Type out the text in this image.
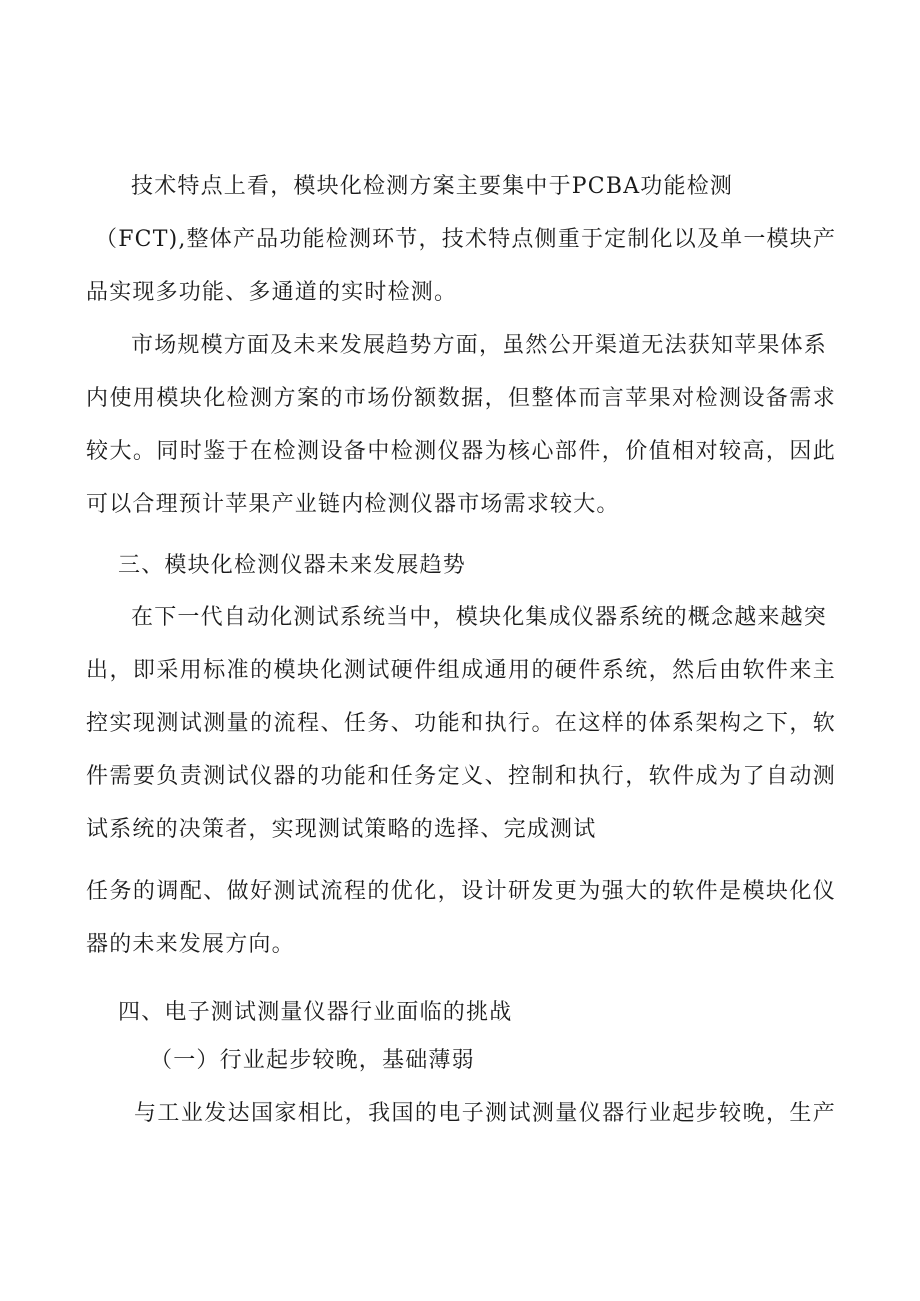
技术特点上看，模块化检测方案主要集中于PCBA功能检测
（FCT),整体产品功能检测环节，技术特点侧重于定制化以及单一模块产
品实现多功能、多通道的实时检测。
市场规模方面及未来发展趋势方面，虽然公开渠道无法获知苹果体系
内使用模块化检测方案的市场份额数据，但整体而言苹果对检测设备需求
较大。同时鉴于在检测设备中检测仪器为核心部件，价值相对较高，因此
可以合理预计苹果产业链内检测仪器市场需求较大。
三、模块化检测仪器未来发展趋势
在下一代自动化测试系统当中，模块化集成仪器系统的概念越来越突
出，即采用标准的模块化测试硬件组成通用的硬件系统，然后由软件来主
控实现测试测量的流程、任务、功能和执行。在这样的体系架构之下，软
件需要负责测试仪器的功能和任务定义、控制和执行，软件成为了自动测
试系统的决策者，实现测试策略的选择、完成测试
任务的调配、做好测试流程的优化，设计研发更为强大的软件是模块化仪
器的未来发展方向。
四、电子测试测量仪器行业面临的挑战
（一）行业起步较晚，基础薄弱
与工业发达国家相比，我国的电子测试测量仪器行业起步较晚，生产
